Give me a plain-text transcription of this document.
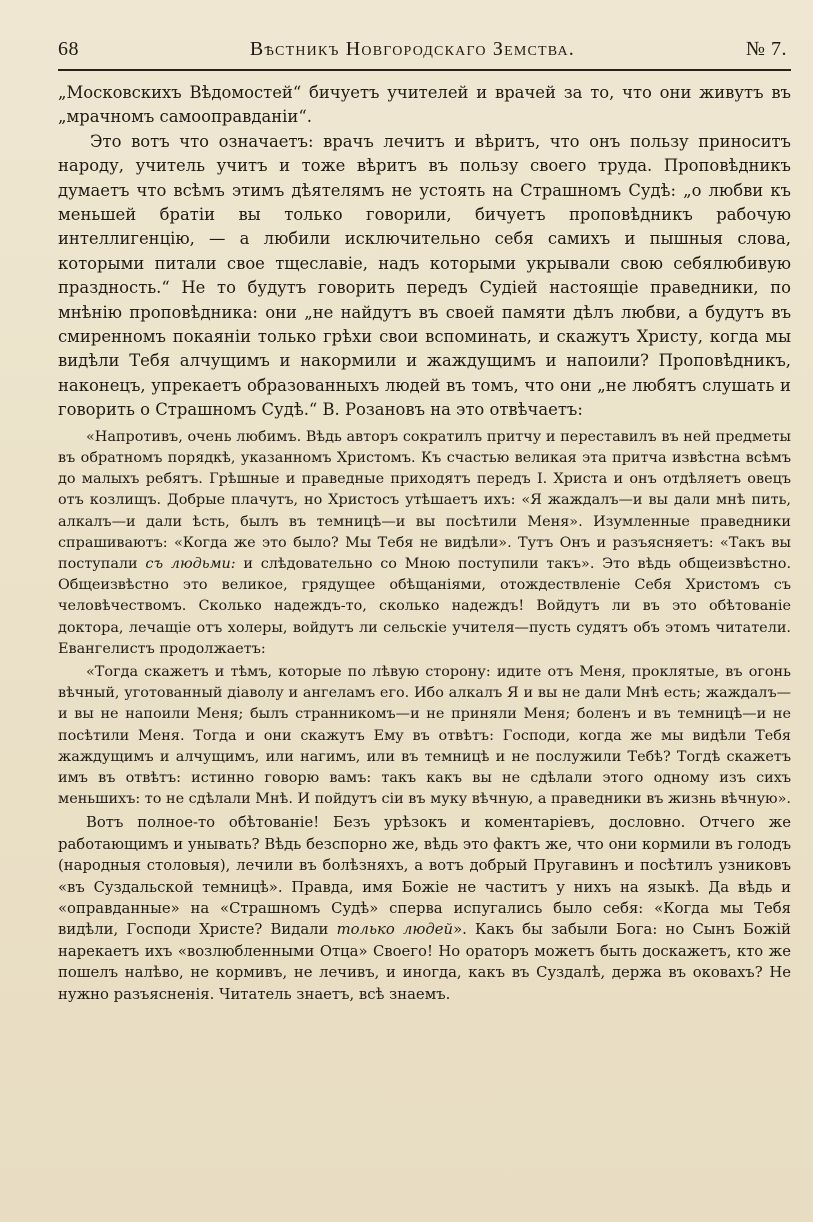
68	Вѣстникъ Новгородскаго Земства.	№ 7.

„Московскихъ Вѣдомостей“ бичуетъ учителей и врачей за то, что они живутъ въ „мрачномъ самооправданiи“.

Это вотъ что означаетъ: врачъ лечитъ и вѣритъ, что онъ пользу приноситъ народу, учитель учитъ и тоже вѣритъ въ пользу своего труда. Проповѣдникъ думаетъ что всѣмъ этимъ дѣятелямъ не устоять на Страшномъ Судѣ: „о любви къ меньшей братiи вы только говорили, бичуетъ проповѣдникъ рабочую интеллигенцiю, — а любили исключительно себя самихъ и пышныя слова, которыми питали свое тщеславiе, надъ которыми укрывали свою себялюбивую праздность.“ Не то будутъ говорить передъ Судiей настоящiе праведники, по мнѣнiю проповѣдника: они „не найдутъ въ своей памяти дѣлъ любви, а будутъ въ смиренномъ покаянiи только грѣхи свои вспоминать, и скажутъ Христу, когда мы видѣли Тебя алчущимъ и накормили и жаждущимъ и напоили? Проповѣдникъ, наконецъ, упрекаетъ образованныхъ людей въ томъ, что они „не любятъ слушать и говорить о Страшномъ Судѣ.“ В. Розановъ на это отвѣчаетъ:

«Напротивъ, очень любимъ. Вѣдь авторъ сократилъ притчу и переставилъ въ ней предметы въ обратномъ порядкѣ, указанномъ Христомъ. Къ счастью великая эта притча извѣстна всѣмъ до малыхъ ребятъ. Грѣшные и праведные приходятъ передъ I. Христа и онъ отдѣляетъ овецъ отъ козлищъ. Добрые плачутъ, но Христосъ утѣшаетъ ихъ: «Я жаждалъ—и вы дали мнѣ пить, алкалъ—и дали ѣсть, былъ въ темницѣ—и вы посѣтили Меня». Изумленные праведники спрашиваютъ: «Когда же это было? Мы Тебя не видѣли». Тутъ Онъ и разъясняетъ: «Такъ вы поступали съ людьми: и слѣдовательно со Мною поступили такъ». Это вѣдь общеизвѣстно. Общеизвѣстно это великое, грядущее обѣщанiями, отождествленiе Себя Христомъ съ человѣчествомъ. Сколько надеждъ-то, сколько надеждъ! Войдутъ ли въ это обѣтованiе доктора, лечащiе отъ холеры, войдутъ ли сельскiе учителя—пусть судятъ объ этомъ читатели. Евангелистъ продолжаетъ:

«Тогда скажетъ и тѣмъ, которые по лѣвую сторону: идите отъ Меня, проклятые, въ огонь вѣчный, уготованный дiаволу и ангеламъ его. Ибо алкалъ Я и вы не дали Мнѣ есть; жаждалъ—и вы не напоили Меня; былъ странникомъ—и не приняли Меня; боленъ и въ темницѣ—и не посѣтили Меня. Тогда и они скажутъ Ему въ отвѣтъ: Господи, когда же мы видѣли Тебя жаждущимъ и алчущимъ, или нагимъ, или въ темницѣ и не послужили Тебѣ? Тогдѣ скажетъ имъ въ отвѣтъ: истинно говорю вамъ: такъ какъ вы не сдѣлали этого одному изъ сихъ меньшихъ: то не сдѣлали Мнѣ. И пойдутъ сiи въ муку вѣчную, а праведники въ жизнь вѣчную».

Вотъ полное-то обѣтованiе! Безъ урѣзокъ и коментарiевъ, дословно. Отчего же работающимъ и унывать? Вѣдь безспорно же, вѣдь это фактъ же, что они кормили въ голодъ (народныя столовыя), лечили въ болѣзняхъ, а вотъ добрый Пругавинъ и посѣтилъ узниковъ «въ Суздальской темницѣ». Правда, имя Божiе не частитъ у нихъ на языкѣ. Да вѣдь и «оправданные» на «Страшномъ Судѣ» сперва испугались было себя: «Когда мы Тебя видѣли, Господи Христе? Видали только людей». Какъ бы забыли Бога: но Сынъ Божiй нарекаетъ ихъ «возлюбленными Отца» Своего! Но ораторъ можетъ быть доскажетъ, кто же пошелъ налѣво, не кормивъ, не лечивъ, и иногда, какъ въ Суздалѣ, держа въ оковахъ? Не нужно разъясненiя. Читатель знаетъ, всѣ знаемъ.
